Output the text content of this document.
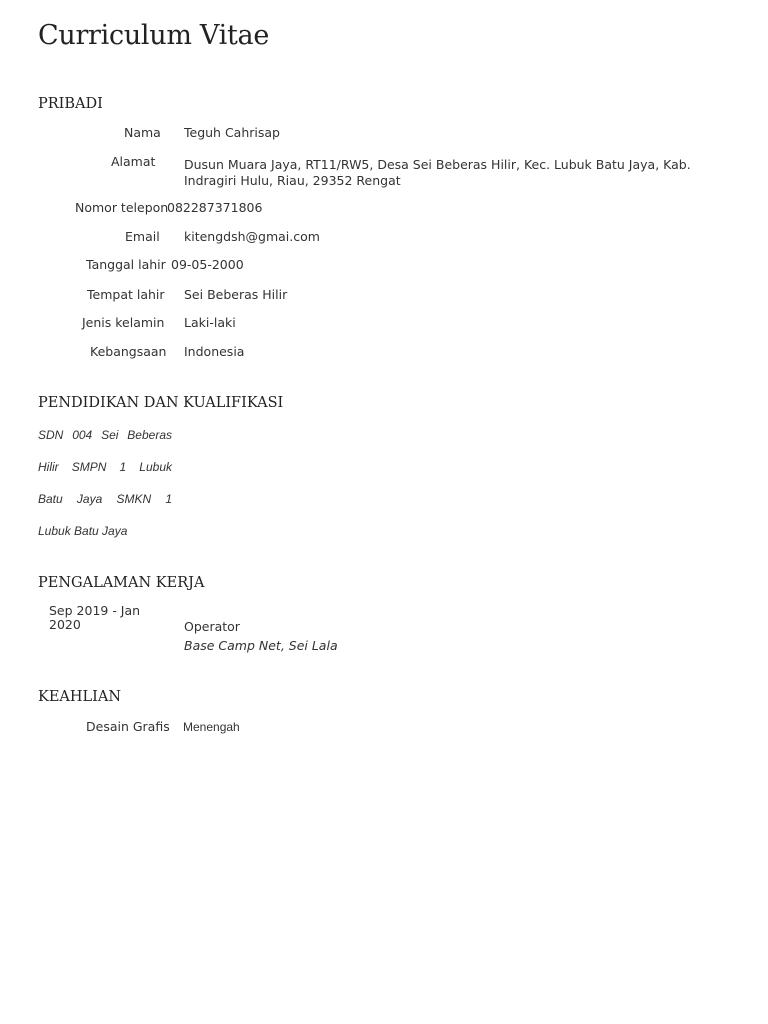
Curriculum Vitae
PRIBADI
Nama Teguh Cahrisap
Alamat Dusun Muara Jaya, RT11/RW5, Desa Sei Beberas Hilir, Kec. Lubuk Batu Jaya, Kab. Indragiri Hulu, Riau, 29352 Rengat
Nomor telepon
082287371806
Email kitengdsh@gmai.com
Tanggal lahir 09-05-2000
Tempat lahir Sei Beberas Hilir
Jenis kelamin Laki-laki
Kebangsaan Indonesia
PENDIDIKAN DAN KUALIFIKASI
SDN 004 Sei Beberas
Hilir SMPN 1 Lubuk
Batu Jaya SMKN 1
Lubuk Batu Jaya
PENGALAMAN KERJA
Sep 2019 - Jan 2020	Operator
Base Camp Net, Sei Lala
KEAHLIAN
Desain Grafis Menengah
